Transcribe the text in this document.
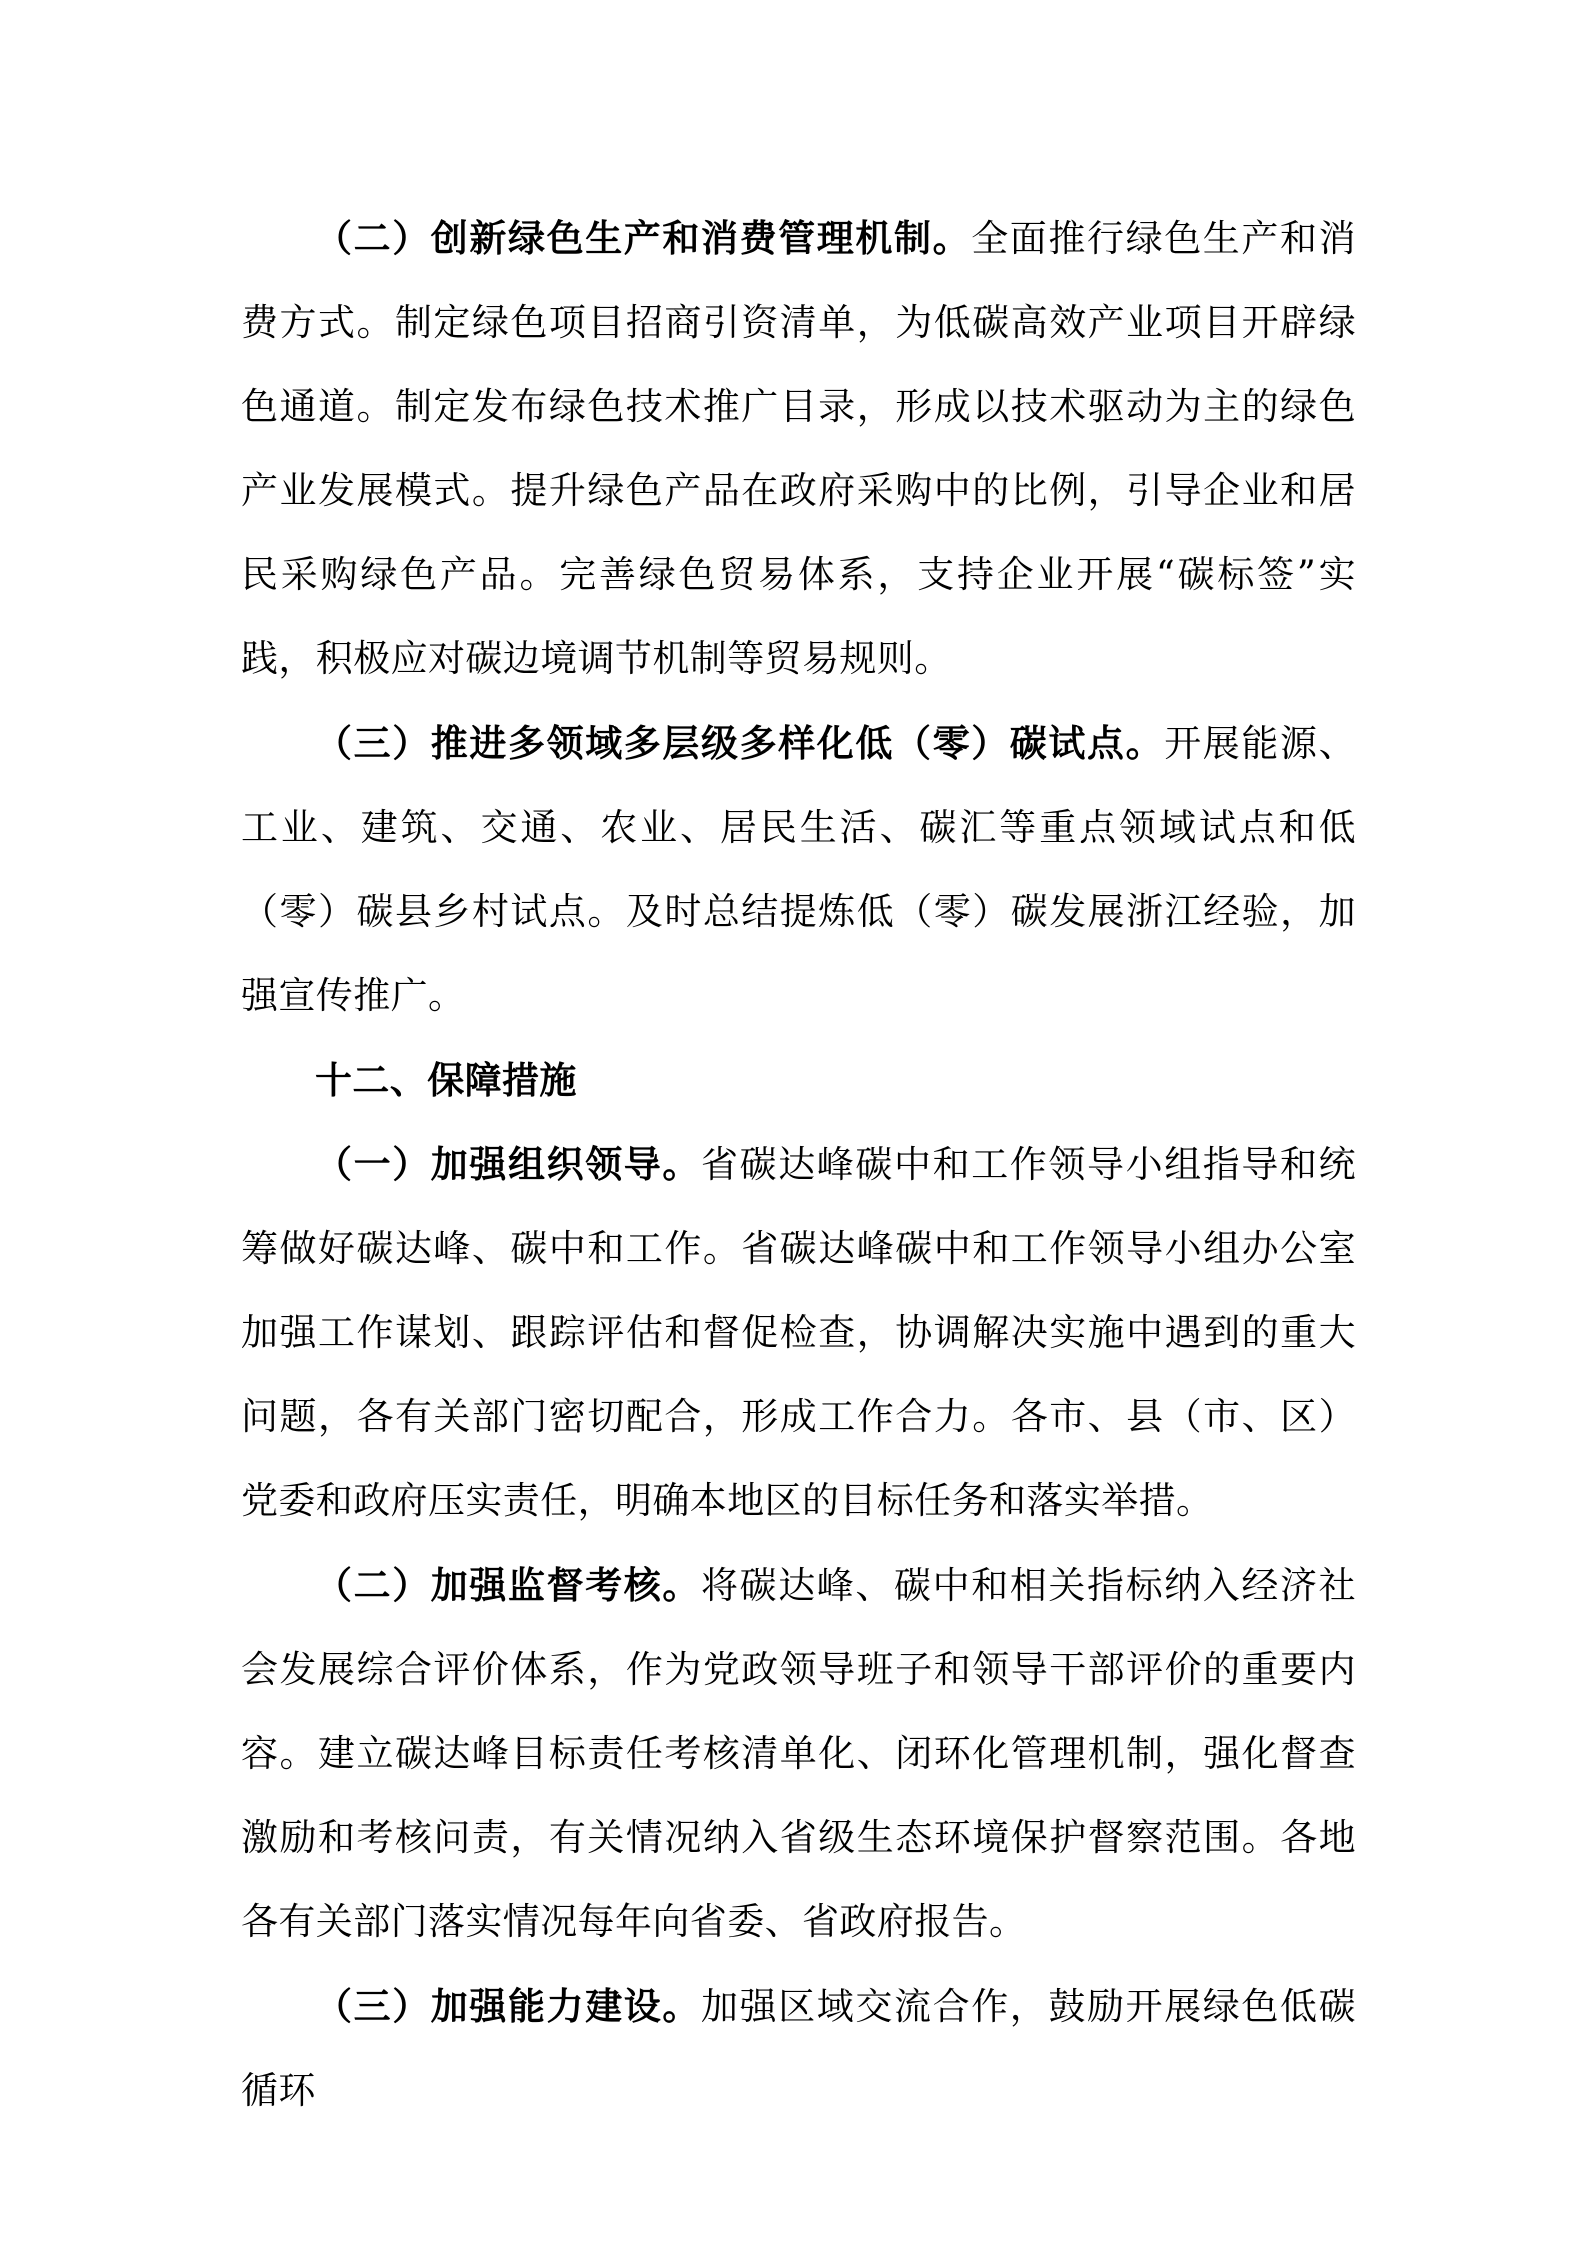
（二）创新绿色生产和消费管理机制。全面推行绿色生产和消费方式。制定绿色项目招商引资清单，为低碳高效产业项目开辟绿色通道。制定发布绿色技术推广目录，形成以技术驱动为主的绿色产业发展模式。提升绿色产品在政府采购中的比例，引导企业和居民采购绿色产品。完善绿色贸易体系，支持企业开展“碳标签”实践，积极应对碳边境调节机制等贸易规则。

（三）推进多领域多层级多样化低（零）碳试点。开展能源、工业、建筑、交通、农业、居民生活、碳汇等重点领域试点和低（零）碳县乡村试点。及时总结提炼低（零）碳发展浙江经验，加强宣传推广。

十二、保障措施

（一）加强组织领导。省碳达峰碳中和工作领导小组指导和统筹做好碳达峰、碳中和工作。省碳达峰碳中和工作领导小组办公室加强工作谋划、跟踪评估和督促检查，协调解决实施中遇到的重大问题，各有关部门密切配合，形成工作合力。各市、县（市、区）党委和政府压实责任，明确本地区的目标任务和落实举措。

（二）加强监督考核。将碳达峰、碳中和相关指标纳入经济社会发展综合评价体系，作为党政领导班子和领导干部评价的重要内容。建立碳达峰目标责任考核清单化、闭环化管理机制，强化督查激励和考核问责，有关情况纳入省级生态环境保护督察范围。各地各有关部门落实情况每年向省委、省政府报告。

（三）加强能力建设。加强区域交流合作，鼓励开展绿色低碳循环
